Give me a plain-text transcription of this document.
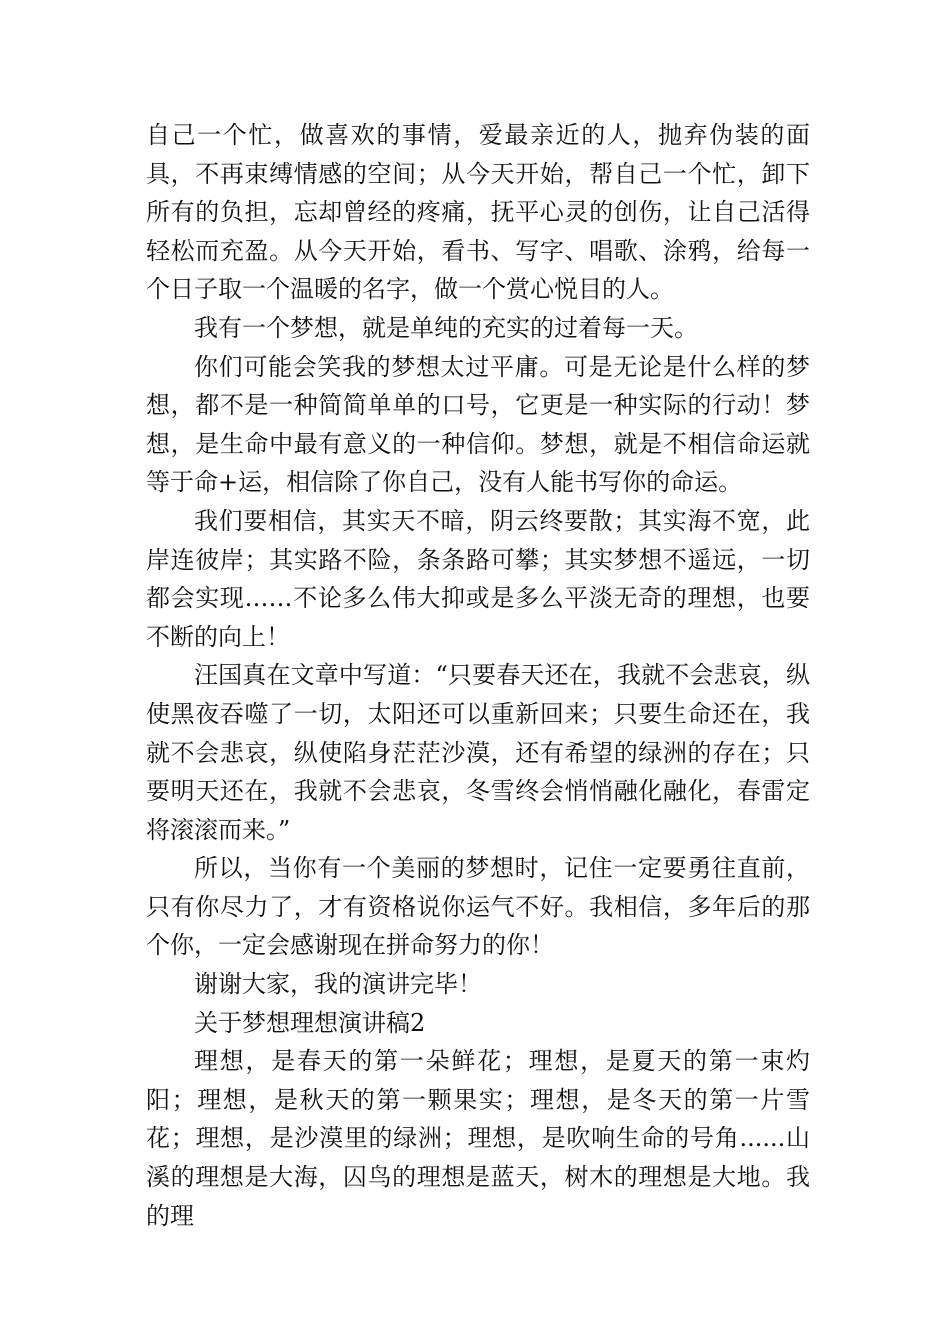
自己一个忙，做喜欢的事情，爱最亲近的人，抛弃伪装的面具，不再束缚情感的空间；从今天开始，帮自己一个忙，卸下所有的负担，忘却曾经的疼痛，抚平心灵的创伤，让自己活得轻松而充盈。从今天开始，看书、写字、唱歌、涂鸦，给每一个日子取一个温暖的名字，做一个赏心悦目的人。

我有一个梦想，就是单纯的充实的过着每一天。

你们可能会笑我的梦想太过平庸。可是无论是什么样的梦想，都不是一种简简单单的口号，它更是一种实际的行动！梦想，是生命中最有意义的一种信仰。梦想，就是不相信命运就等于命+运，相信除了你自己，没有人能书写你的命运。

我们要相信，其实天不暗，阴云终要散；其实海不宽，此岸连彼岸；其实路不险，条条路可攀；其实梦想不遥远，一切都会实现……不论多么伟大抑或是多么平淡无奇的理想，也要不断的向上！

汪国真在文章中写道：“只要春天还在，我就不会悲哀，纵使黑夜吞噬了一切，太阳还可以重新回来；只要生命还在，我就不会悲哀，纵使陷身茫茫沙漠，还有希望的绿洲的存在；只要明天还在，我就不会悲哀，冬雪终会悄悄融化融化，春雷定将滚滚而来。”

所以，当你有一个美丽的梦想时，记住一定要勇往直前，只有你尽力了，才有资格说你运气不好。我相信，多年后的那个你，一定会感谢现在拼命努力的你！

谢谢大家，我的演讲完毕！

关于梦想理想演讲稿2

理想，是春天的第一朵鲜花；理想，是夏天的第一束灼阳；理想，是秋天的第一颗果实；理想，是冬天的第一片雪花；理想，是沙漠里的绿洲；理想，是吹响生命的号角......山溪的理想是大海，囚鸟的理想是蓝天，树木的理想是大地。我的理
